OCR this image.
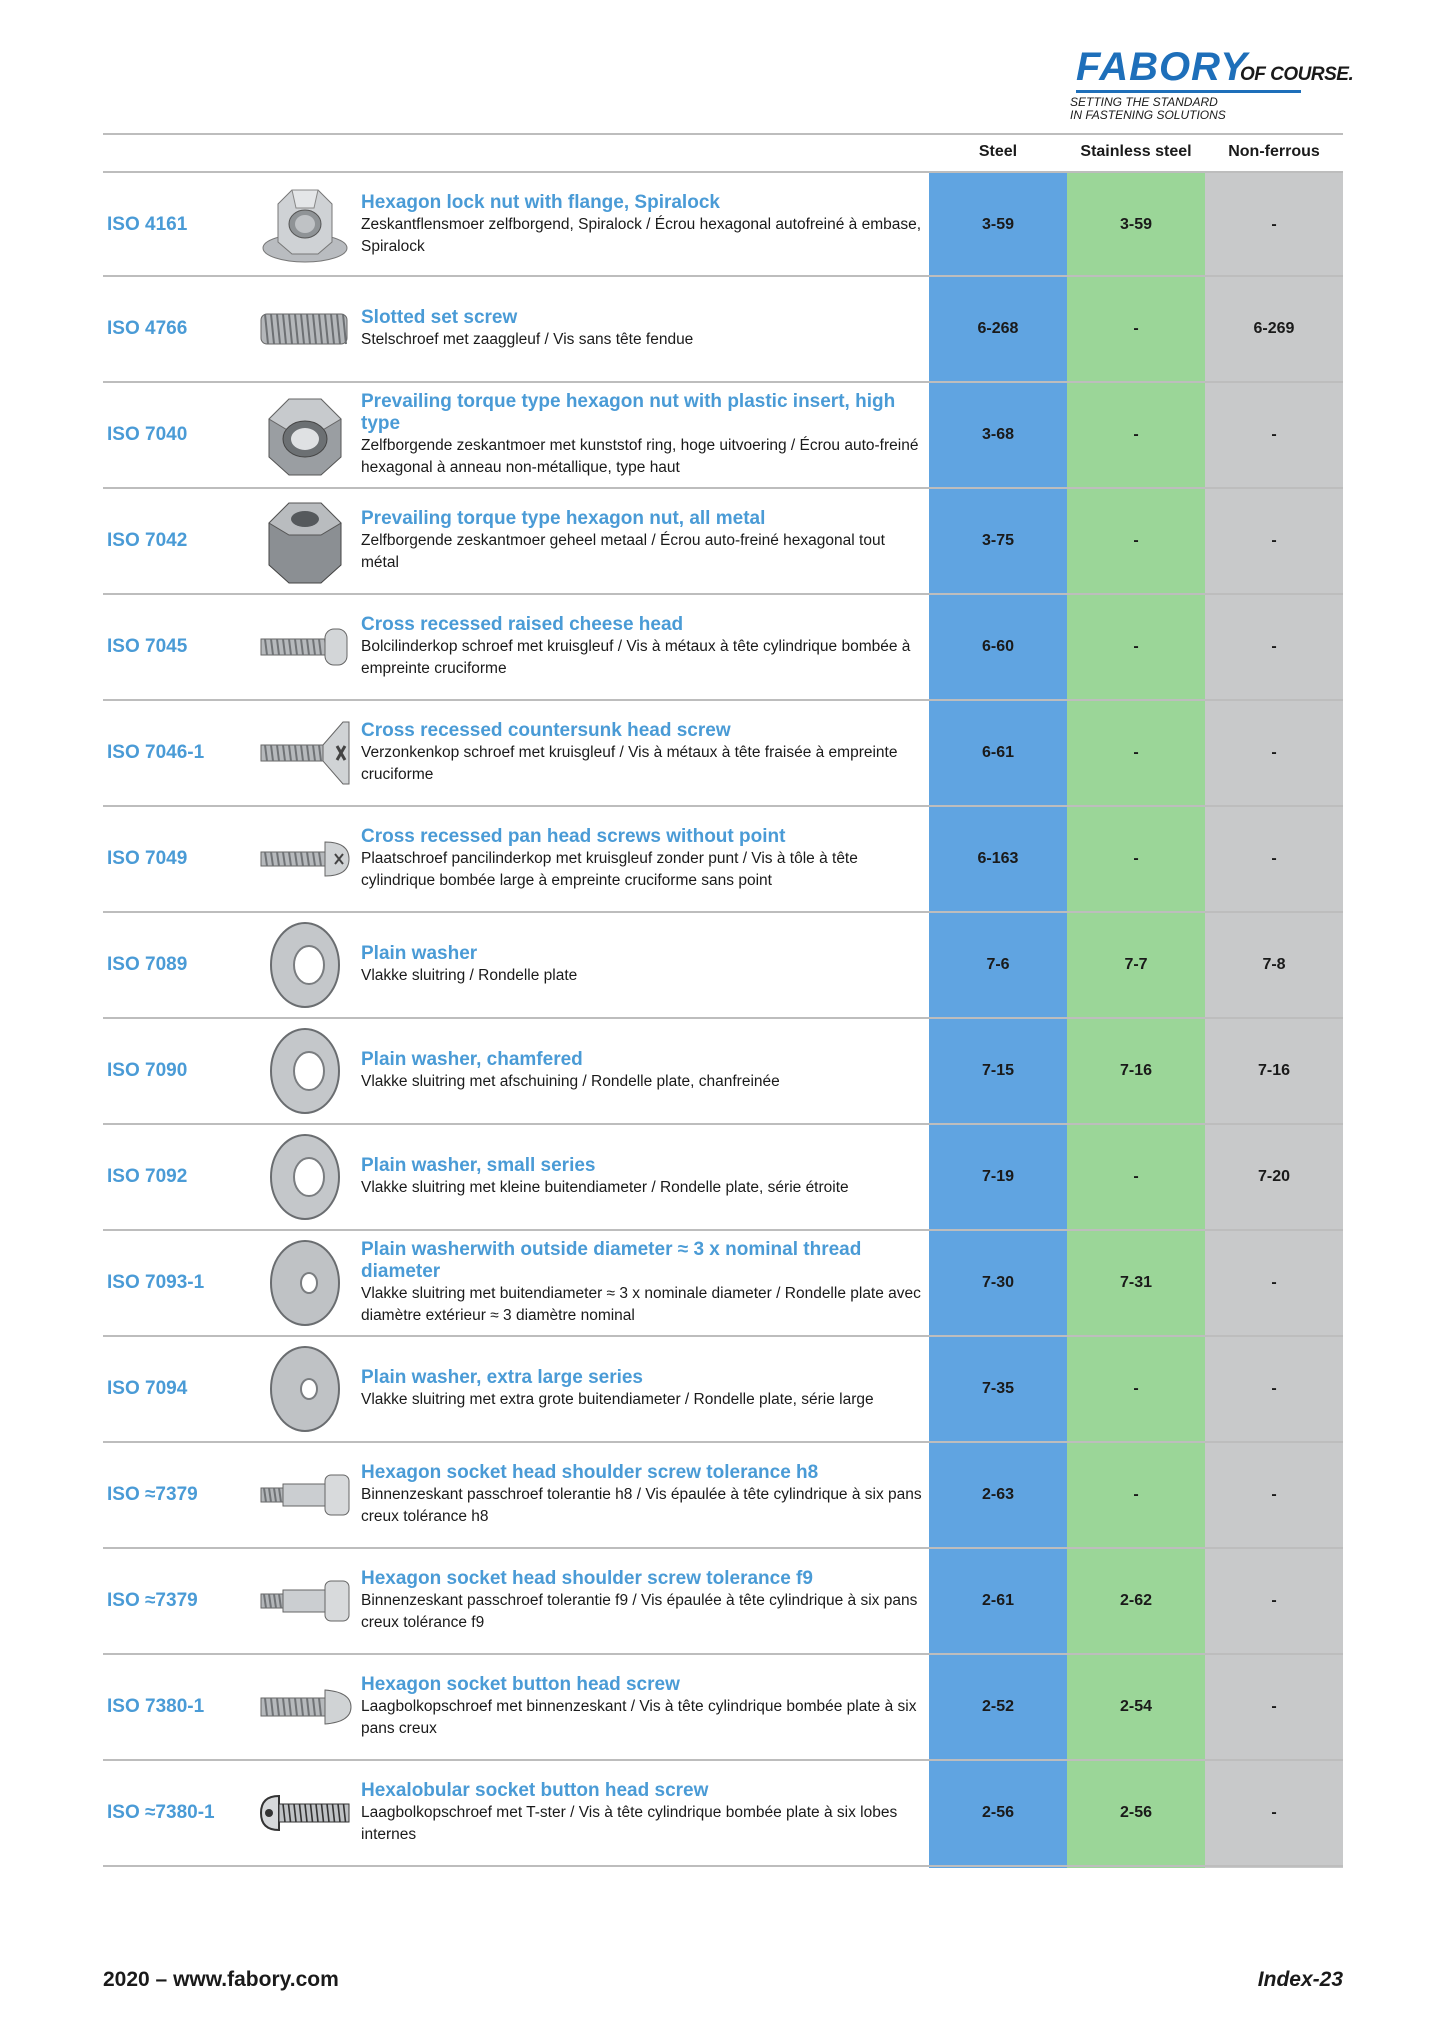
FABORY
OF COURSE.
SETTING THE STANDARD
IN FASTENING SOLUTIONS
Steel	Stainless steel	Non-ferrous
ISO 4161
Hexagon lock nut with flange, Spiralock
Zeskantflensmoer zelfborgend, Spiralock / Écrou hexagonal autofreiné à embase, Spiralock
3-59	3-59	-
ISO 4766
Slotted set screw
Stelschroef met zaaggleuf / Vis sans tête fendue
6-268	-	6-269
ISO 7040
Prevailing torque type hexagon nut with plastic insert, high type
Zelfborgende zeskantmoer met kunststof ring, hoge uitvoering / Écrou auto-freiné hexagonal à anneau non-métallique, type haut
3-68	-	-
ISO 7042
Prevailing torque type hexagon nut, all metal
Zelfborgende zeskantmoer geheel metaal / Écrou auto-freiné hexagonal tout métal
3-75	-	-
ISO 7045
Cross recessed raised cheese head
Bolcilinderkop schroef met kruisgleuf / Vis à métaux à tête cylindrique bombée à empreinte cruciforme
6-60	-	-
ISO 7046-1
Cross recessed countersunk head screw
Verzonkenkop schroef met kruisgleuf / Vis à métaux à tête fraisée à empreinte cruciforme
6-61	-	-
ISO 7049
Cross recessed pan head screws without point
Plaatschroef pancilinderkop met kruisgleuf zonder punt / Vis à tôle à tête cylindrique bombée large à empreinte cruciforme sans point
6-163	-	-
ISO 7089
Plain washer
Vlakke sluitring / Rondelle plate
7-6	7-7	7-8
ISO 7090
Plain washer, chamfered
Vlakke sluitring met afschuining / Rondelle plate, chanfreinée
7-15	7-16	7-16
ISO 7092
Plain washer, small series
Vlakke sluitring met kleine buitendiameter / Rondelle plate, série étroite
7-19	-	7-20
ISO 7093-1
Plain washerwith outside diameter ≈ 3 x nominal thread diameter
Vlakke sluitring met buitendiameter ≈ 3 x nominale diameter / Rondelle plate avec diamètre extérieur ≈ 3 diamètre nominal
7-30	7-31	-
ISO 7094
Plain washer, extra large series
Vlakke sluitring met extra grote buitendiameter / Rondelle plate, série large
7-35	-	-
ISO ≈7379
Hexagon socket head shoulder screw tolerance h8
Binnenzeskant passchroef tolerantie h8 / Vis épaulée à tête cylindrique à six pans creux tolérance h8
2-63	-	-
ISO ≈7379
Hexagon socket head shoulder screw tolerance f9
Binnenzeskant passchroef tolerantie f9 / Vis épaulée à tête cylindrique à six pans creux tolérance f9
2-61	2-62	-
ISO 7380-1
Hexagon socket button head screw
Laagbolkopschroef met binnenzeskant / Vis à tête cylindrique bombée plate à six pans creux
2-52	2-54	-
ISO ≈7380-1
Hexalobular socket button head screw
Laagbolkopschroef met T-ster / Vis à tête cylindrique bombée plate à six lobes internes
2-56	2-56	-
2020 – www.fabory.com	Index-23
